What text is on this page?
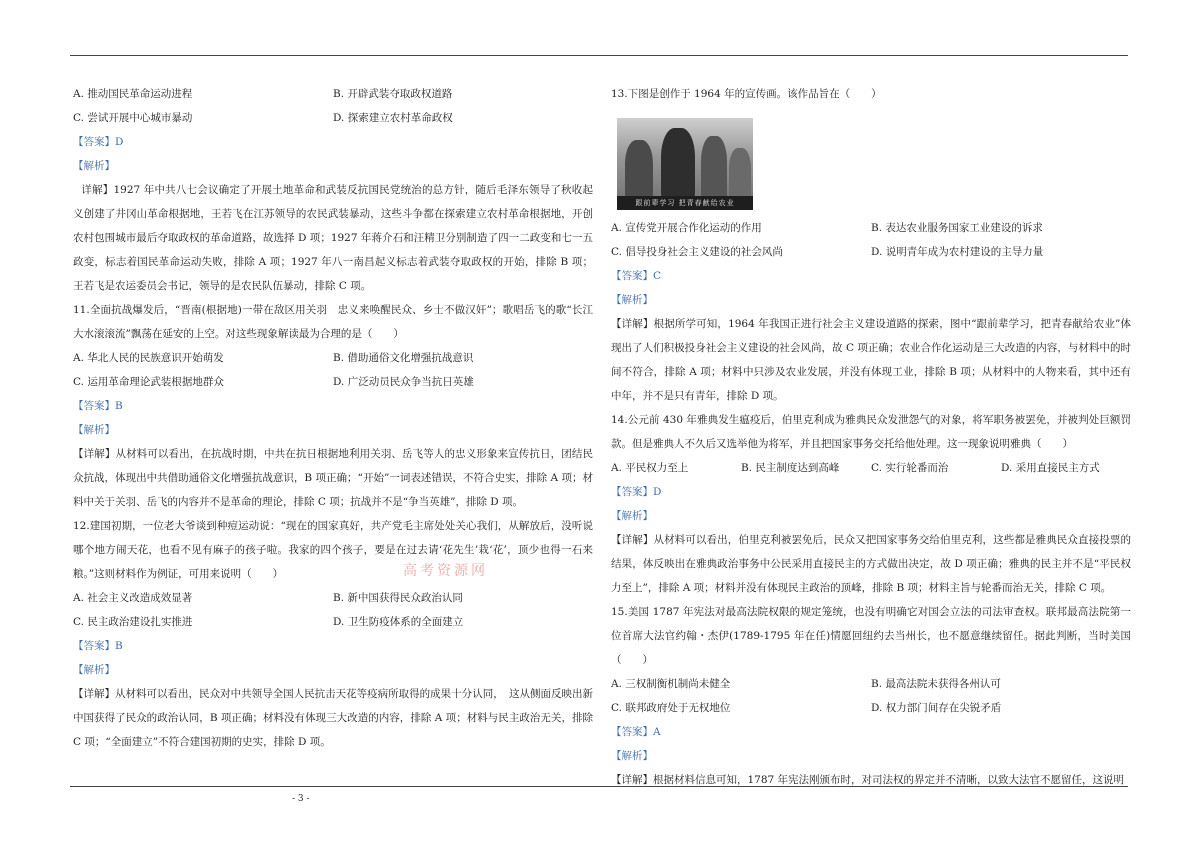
A. 推动国民革命运动进程	B. 开辟武装夺取政权道路
C. 尝试开展中心城市暴动	D. 探索建立农村革命政权
【答案】D
【解析】
详解】1927 年中共八七会议确定了开展土地革命和武装反抗国民党统治的总方针，随后毛泽东领导了秋收起义创建了井冈山革命根据地，王若飞在江苏领导的农民武装暴动，这些斗争都在探索建立农村革命根据地，开创农村包围城市最后夺取政权的革命道路，故选择 D 项；1927 年蒋介石和汪精卫分别制造了四一二政变和七一五政变，标志着国民革命运动失败，排除 A 项；1927 年八一南昌起义标志着武装夺取政权的开始，排除 B 项；王若飞是农运委员会书记，领导的是农民队伍暴动，排除 C 项。
11.全面抗战爆发后，“晋南(根据地)一带在敌区用关羽　忠义来唤醒民众、乡士不做汉奸”；歌唱岳飞的歌“长江大水滚滚流”飘荡在延安的上空。对这些现象解读最为合理的是（　　）
A. 华北人民的民族意识开始萌发	B. 借助通俗文化增强抗战意识
C. 运用革命理论武装根据地群众	D. 广泛动员民众争当抗日英雄
【答案】B
【解析】
【详解】从材料可以看出，在抗战时期，中共在抗日根据地利用关羽、岳飞等人的忠义形象来宣传抗日，团结民众抗战，体现出中共借助通俗文化增强抗战意识，B 项正确；“开始”一词表述错误，不符合史实，排除 A 项；材料中关于关羽、岳飞的内容并不是革命的理论，排除 C 项；抗战并不是“争当英雄”，排除 D 项。
12.建国初期，一位老大爷谈到种痘运动说：“现在的国家真好，共产党毛主席处处关心我们，从解放后，没听说哪个地方闹天花，也看不见有麻子的孩子啦。我家的四个孩子，要是在过去请‘花先生’栽‘花’，顶少也得一石来粮。”这则材料作为例证，可用来说明（　　）
A. 社会主义改造成效显著	B. 新中国获得民众政治认同
C. 民主政治建设扎实推进	D. 卫生防疫体系的全面建立
【答案】B
【解析】
【详解】从材料可以看出，民众对中共领导全国人民抗击天花等疫病所取得的成果十分认同，　这从侧面反映出新中国获得了民众的政治认同，B 项正确；材料没有体现三大改造的内容，排除 A 项；材料与民主政治无关，排除 C 项；“全面建立”不符合建国初期的史实，排除 D 项。
高考资源网
13.下图是创作于 1964 年的宣传画。该作品旨在（　　）
跟前辈学习 把青春献给农业
A. 宣传党开展合作化运动的作用	B. 表达农业服务国家工业建设的诉求
C. 倡导投身社会主义建设的社会风尚	D. 说明青年成为农村建设的主导力量
【答案】C
【解析】
【详解】根据所学可知，1964 年我国正进行社会主义建设道路的探索，图中“跟前辈学习，把青春献给农业”体现出了人们积极投身社会主义建设的社会风尚，故 C 项正确；农业合作化运动是三大改造的内容，与材料中的时间不符合，排除 A 项；材料中只涉及农业发展，并没有体现工业，排除 B 项；从材料中的人物来看，其中还有中年，并不是只有青年，排除 D 项。
14.公元前 430 年雅典发生瘟疫后，伯里克利成为雅典民众发泄怨气的对象，将军职务被罢免，并被判处巨额罚款。但是雅典人不久后又选举他为将军，并且把国家事务交托给他处理。这一现象说明雅典（　　）
A. 平民权力至上	B. 民主制度达到高峰	C. 实行轮番而治	D. 采用直接民主方式
【答案】D
【解析】
【详解】从材料可以看出，伯里克利被罢免后，民众又把国家事务交给伯里克利，这些都是雅典民众直接投票的结果，体反映出在雅典政治事务中公民采用直接民主的方式做出决定，故 D 项正确；雅典的民主并不是“平民权力至上”，排除 A 项；材料并没有体现民主政治的顶峰，排除 B 项；材料主旨与轮番而治无关，排除 C 项。
15.美国 1787 年宪法对最高法院权限的规定笼统，也没有明确它对国会立法的司法审查权。联邦最高法院第一位首席大法官约翰・杰伊(1789-1795 年在任)情愿回纽约去当州长，也不愿意继续留任。据此判断，当时美国（　　）
A. 三权制衡机制尚未健全	B. 最高法院未获得各州认可
C. 联邦政府处于无权地位	D. 权力部门间存在尖锐矛盾
【答案】A
【解析】
【详解】根据材料信息可知，1787 年宪法刚颁布时，对司法权的界定并不清晰，以致大法官不愿留任，这说明
- 3 -
